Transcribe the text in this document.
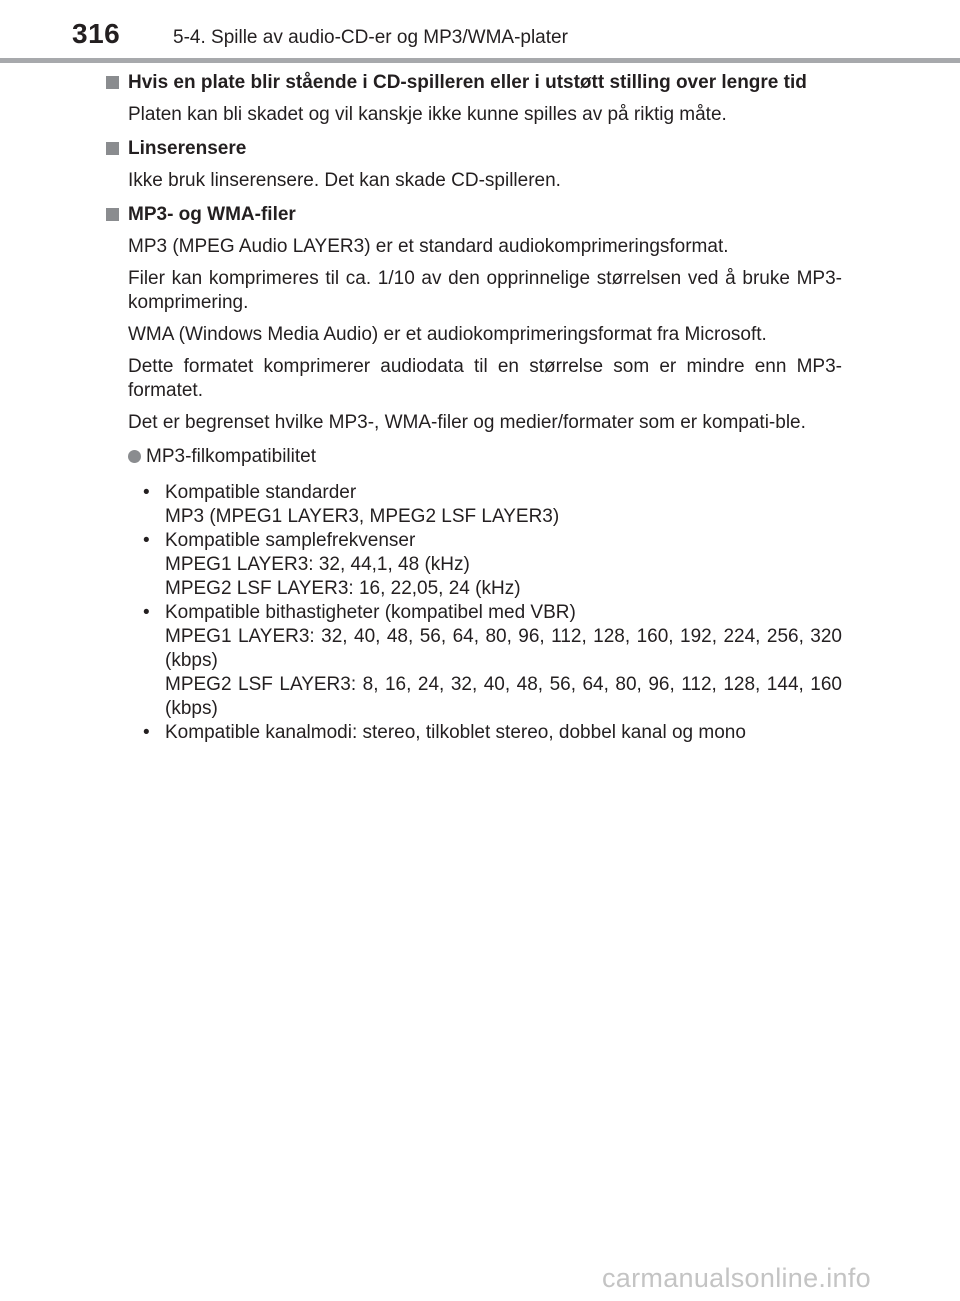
316	5-4. Spille av audio-CD-er og MP3/WMA-plater
Hvis en plate blir stående i CD-spilleren eller i utstøtt stilling over lengre tid

Platen kan bli skadet og vil kanskje ikke kunne spilles av på riktig måte.

Linserensere

Ikke bruk linserensere. Det kan skade CD-spilleren.

MP3- og WMA-filer

MP3 (MPEG Audio LAYER3) er et standard audiokomprimeringsformat.

Filer kan komprimeres til ca. 1/10 av den opprinnelige størrelsen ved å bruke MP3-komprimering.

WMA (Windows Media Audio) er et audiokomprimeringsformat fra Microsoft.

Dette formatet komprimerer audiodata til en størrelse som er mindre enn MP3-formatet.

Det er begrenset hvilke MP3-, WMA-filer og medier/formater som er kompati-ble.

MP3-filkompatibilitet
• Kompatible standarder
MP3 (MPEG1 LAYER3, MPEG2 LSF LAYER3)
• Kompatible samplefrekvenser
MPEG1 LAYER3: 32, 44,1, 48 (kHz)
MPEG2 LSF LAYER3: 16, 22,05, 24 (kHz)
• Kompatible bithastigheter (kompatibel med VBR)
MPEG1 LAYER3: 32, 40, 48, 56, 64, 80, 96, 112, 128, 160, 192, 224, 256, 320 (kbps)
MPEG2 LSF LAYER3: 8, 16, 24, 32, 40, 48, 56, 64, 80, 96, 112, 128, 144, 160 (kbps)
• Kompatible kanalmodi: stereo, tilkoblet stereo, dobbel kanal og mono
carmanualsonline.info
